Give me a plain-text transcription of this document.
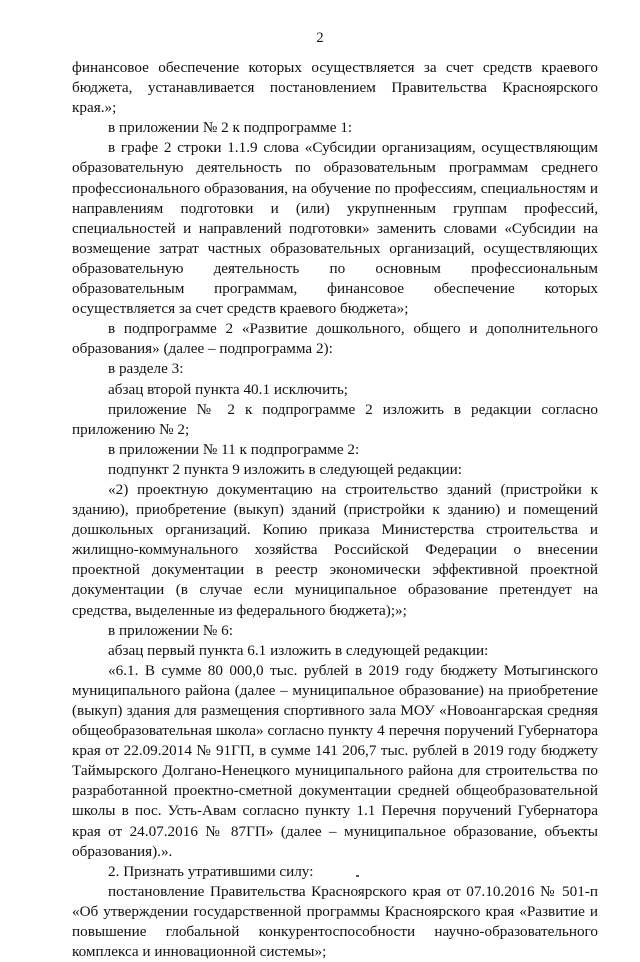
2

финансовое обеспечение которых осуществляется за счет средств краевого бюджета, устанавливается постановлением Правительства Красноярского края.»;

в приложении № 2 к подпрограмме 1:

в графе 2 строки 1.1.9 слова «Субсидии организациям, осуществляющим образовательную деятельность по образовательным программам среднего профессионального образования, на обучение по профессиям, специальностям и направлениям подготовки и (или) укрупненным группам профессий, специальностей и направлений подготовки» заменить словами «Субсидии на возмещение затрат частных образовательных организаций, осуществляющих образовательную деятельность по основным профессиональным образовательным программам, финансовое обеспечение которых осуществляется за счет средств краевого бюджета»;

в подпрограмме 2 «Развитие дошкольного, общего и дополнительного образования» (далее – подпрограмма 2):

в разделе 3:

абзац второй пункта 40.1 исключить;

приложение № 2 к подпрограмме 2 изложить в редакции согласно приложению № 2;

в приложении № 11 к подпрограмме 2:

подпункт 2 пункта 9 изложить в следующей редакции:

«2) проектную документацию на строительство зданий (пристройки к зданию), приобретение (выкуп) зданий (пристройки к зданию) и помещений дошкольных организаций. Копию приказа Министерства строительства и жилищно-коммунального хозяйства Российской Федерации о внесении проектной документации в реестр экономически эффективной проектной документации (в случае если муниципальное образование претендует на средства, выделенные из федерального бюджета);»;

в приложении № 6:

абзац первый пункта 6.1 изложить в следующей редакции:

«6.1. В сумме 80 000,0 тыс. рублей в 2019 году бюджету Мотыгинского муниципального района (далее – муниципальное образование) на приобретение (выкуп) здания для размещения спортивного зала МОУ «Новоангарская средняя общеобразовательная школа» согласно пункту 4 перечня поручений Губернатора края от 22.09.2014 № 91ГП, в сумме 141 206,7 тыс. рублей в 2019 году бюджету Таймырского Долгано-Ненецкого муниципального района для строительства по разработанной проектно-сметной документации средней общеобразовательной школы в пос. Усть-Авам согласно пункту 1.1 Перечня поручений Губернатора края от 24.07.2016 № 87ГП» (далее – муниципальное образование, объекты образования).».

2. Признать утратившими силу:

постановление Правительства Красноярского края от 07.10.2016 № 501-п «Об утверждении государственной программы Красноярского края «Развитие и повышение глобальной конкурентоспособности научно-образовательного комплекса и инновационной системы»;
